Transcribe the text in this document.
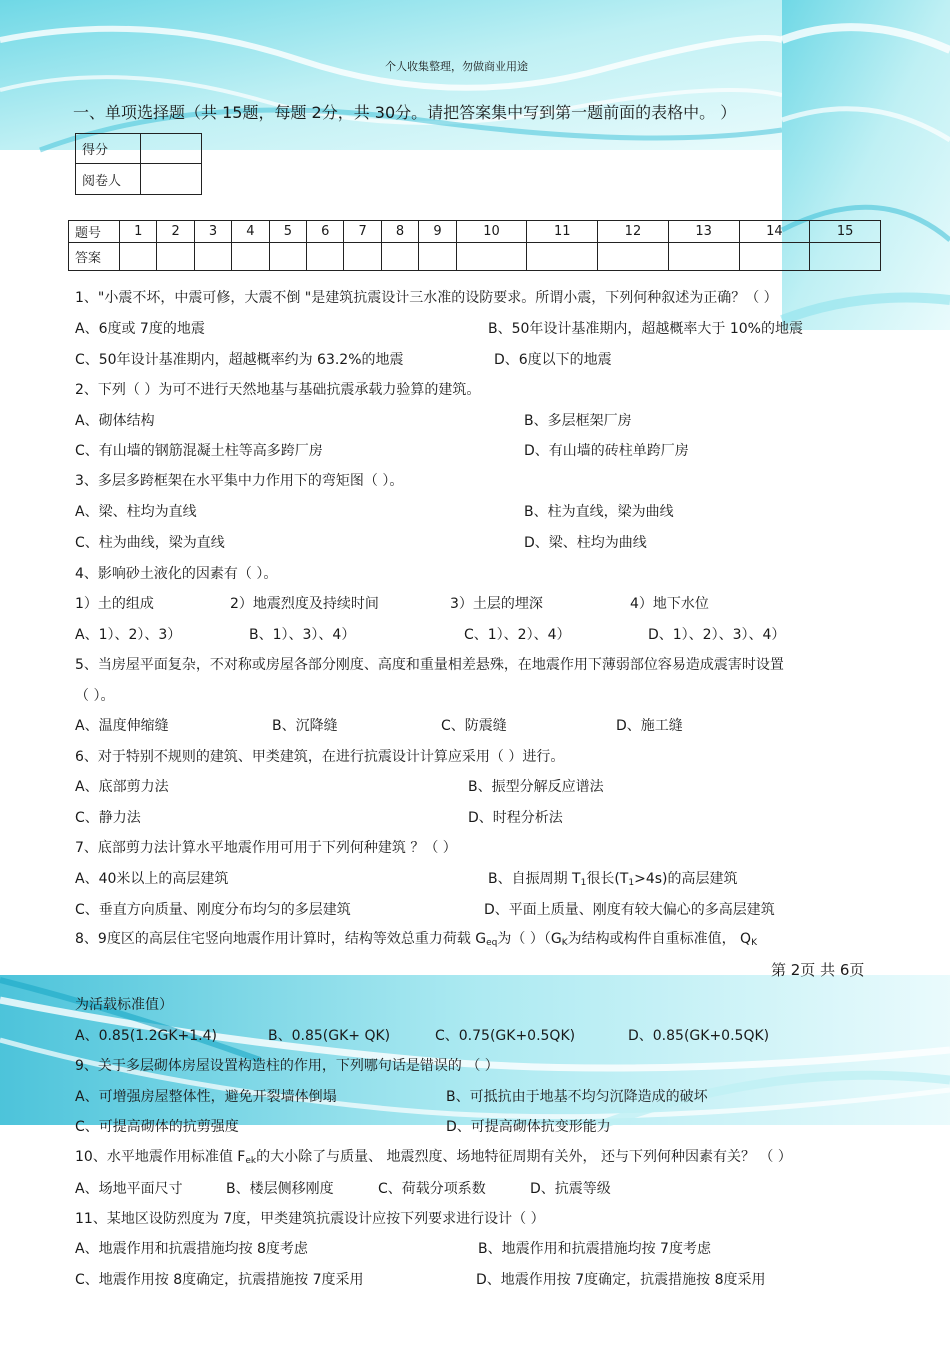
个人收集整理，勿做商业用途
一、单项选择题（共 15题，每题 2分，共 30分。请把答案集中写到第一题前面的表格中。 ）
得分	
阅卷人	
题号	1	2	3	4	5	6	7	8	9	10	11	12	13	14	15
答案															
1、"小震不坏，中震可修，大震不倒 "是建筑抗震设计三水准的设防要求。所谓小震，下列何种叙述为正确？（ ）
A、6度或 7度的地震	B、50年设计基准期内，超越概率大于 10%的地震
C、50年设计基准期内，超越概率约为 63.2%的地震	D、6度以下的地震
2、下列（ ）为可不进行天然地基与基础抗震承载力验算的建筑。
A、砌体结构	B、多层框架厂房
C、有山墙的钢筋混凝土柱等高多跨厂房	D、有山墙的砖柱单跨厂房
3、多层多跨框架在水平集中力作用下的弯矩图（ ）。
A、梁、柱均为直线	B、柱为直线，梁为曲线
C、柱为曲线，梁为直线	D、梁、柱均为曲线
4、影响砂土液化的因素有（ ）。
1）土的组成	2）地震烈度及持续时间	3）土层的埋深	4）地下水位
A、1）、2）、3）	B、1）、3）、4）	C、1）、2）、4）	D、1）、2）、3）、4）
5、当房屋平面复杂，不对称或房屋各部分刚度、高度和重量相差悬殊，在地震作用下薄弱部位容易造成震害时设置
（ ）。
A、温度伸缩缝	B、沉降缝	C、防震缝	D、施工缝
6、对于特别不规则的建筑、甲类建筑，在进行抗震设计计算应采用（ ）进行。
A、底部剪力法	B、振型分解反应谱法
C、静力法	D、时程分析法
7、底部剪力法计算水平地震作用可用于下列何种建筑 ？（ ）
A、40米以上的高层建筑	B、自振周期 $T_1$很长$(T_1>4s)$的高层建筑
C、垂直方向质量、刚度分布均匀的多层建筑	D、平面上质量、刚度有较大偏心的多高层建筑
8、9度区的高层住宅竖向地震作用计算时，结构等效总重力荷载 $G_{eq}$为（ ）（$G_K$为结构或构件自重标准值， $Q_K$
第 2页 共 6页
为活载标准值）
A、0.85(1.2GK+1.4)	B、0.85(GK+ QK)	C、0.75(GK+0.5QK)	D、0.85(GK+0.5QK)
9、关于多层砌体房屋设置构造柱的作用，下列哪句话是错误的 （ ）
A、可增强房屋整体性，避免开裂墙体倒塌	B、可抵抗由于地基不均匀沉降造成的破坏
C、可提高砌体的抗剪强度	D、可提高砌体抗变形能力
10、水平地震作用标准值 $F_{ek}$的大小除了与质量、 地震烈度、场地特征周期有关外， 还与下列何种因素有关？ （ ）
A、场地平面尺寸	B、楼层侧移刚度	C、荷载分项系数	D、抗震等级
11、某地区设防烈度为 7度，甲类建筑抗震设计应按下列要求进行设计（ ）
A、地震作用和抗震措施均按 8度考虑	B、地震作用和抗震措施均按 7度考虑
C、地震作用按 8度确定，抗震措施按 7度采用	D、地震作用按 7度确定，抗震措施按 8度采用
